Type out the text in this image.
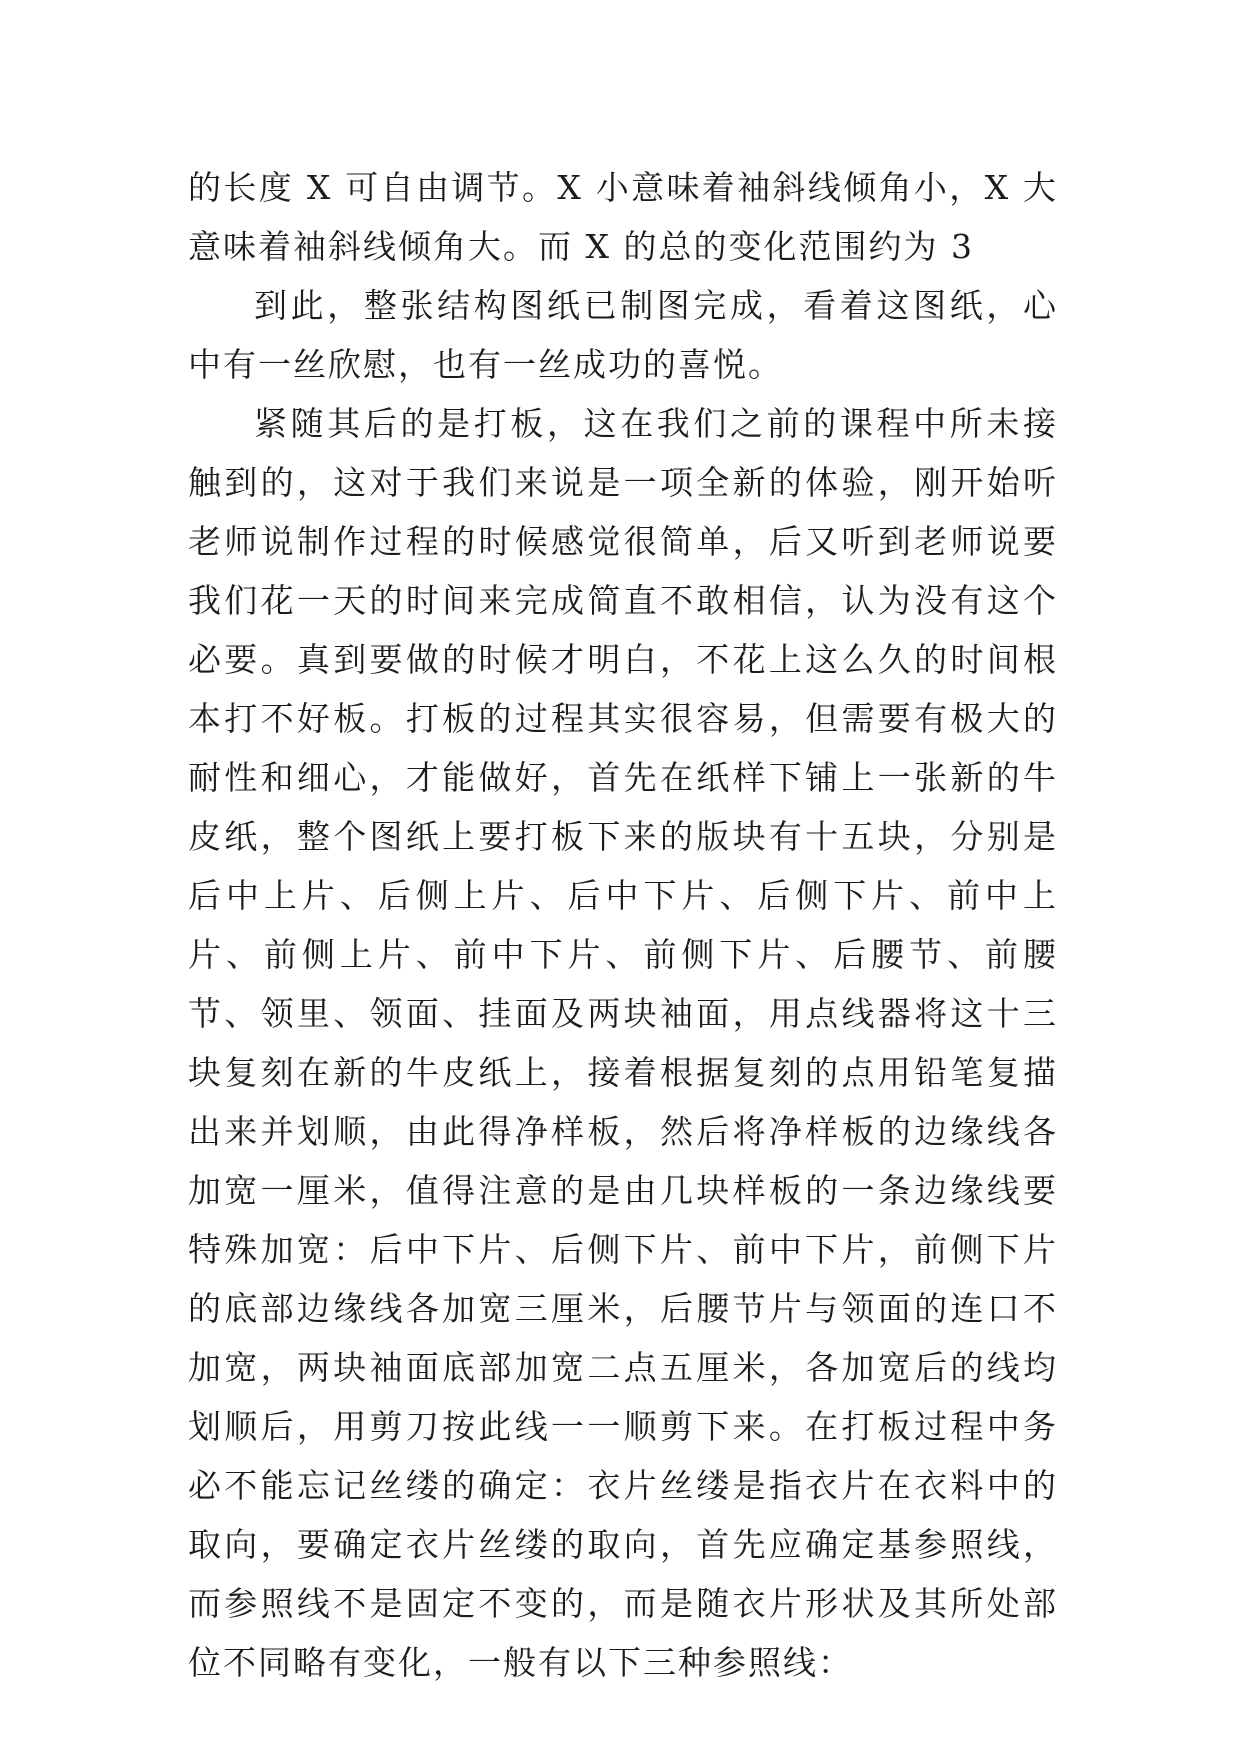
的长度 X 可自由调节。X 小意味着袖斜线倾角小，X 大意味着袖斜线倾角大。而 X 的总的变化范围约为 3

到此，整张结构图纸已制图完成，看着这图纸，心中有一丝欣慰，也有一丝成功的喜悦。

紧随其后的是打板，这在我们之前的课程中所未接触到的，这对于我们来说是一项全新的体验，刚开始听老师说制作过程的时候感觉很简单，后又听到老师说要我们花一天的时间来完成简直不敢相信，认为没有这个必要。真到要做的时候才明白，不花上这么久的时间根本打不好板。打板的过程其实很容易，但需要有极大的耐性和细心，才能做好，首先在纸样下铺上一张新的牛皮纸，整个图纸上要打板下来的版块有十五块，分别是后中上片、后侧上片、后中下片、后侧下片、前中上片、前侧上片、前中下片、前侧下片、后腰节、前腰节、领里、领面、挂面及两块袖面，用点线器将这十三块复刻在新的牛皮纸上，接着根据复刻的点用铅笔复描出来并划顺，由此得净样板，然后将净样板的边缘线各加宽一厘米，值得注意的是由几块样板的一条边缘线要特殊加宽：后中下片、后侧下片、前中下片，前侧下片的底部边缘线各加宽三厘米，后腰节片与领面的连口不加宽，两块袖面底部加宽二点五厘米，各加宽后的线均划顺后，用剪刀按此线一一顺剪下来。在打板过程中务必不能忘记丝缕的确定：衣片丝缕是指衣片在衣料中的取向，要确定衣片丝缕的取向，首先应确定基参照线，而参照线不是固定不变的，而是随衣片形状及其所处部位不同略有变化，一般有以下三种参照线：
